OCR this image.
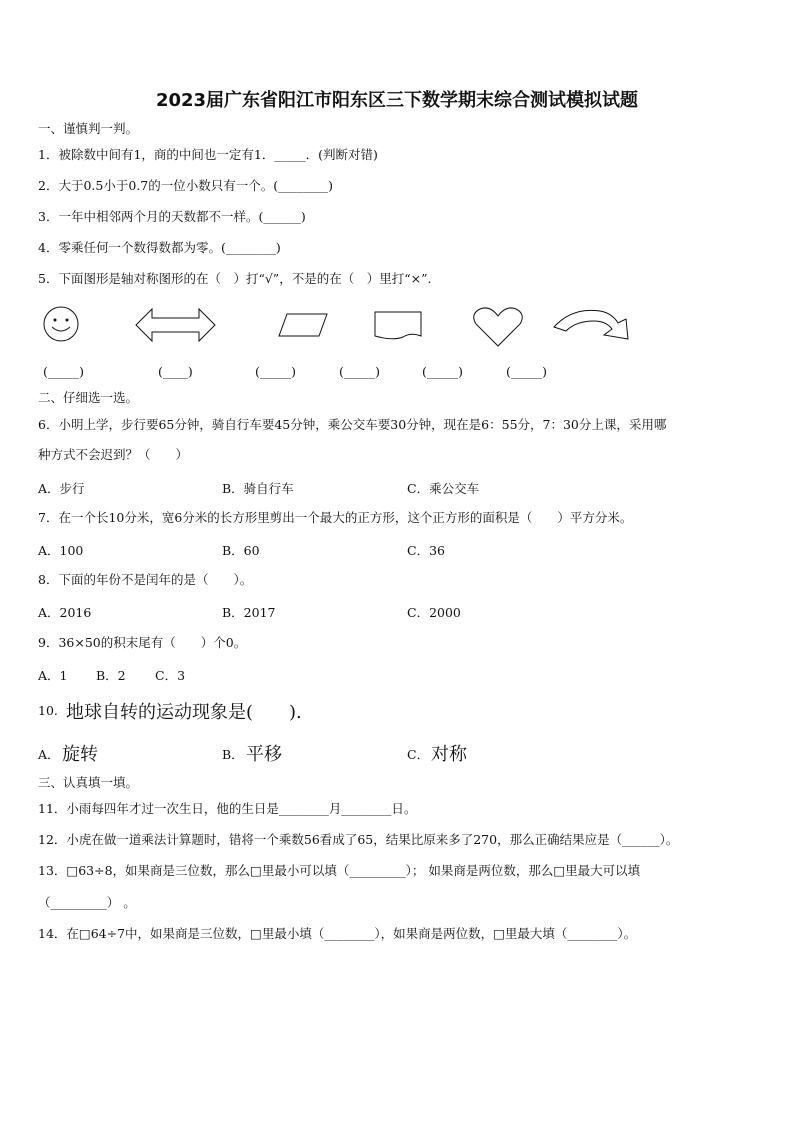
2023届广东省阳江市阳东区三下数学期末综合测试模拟试题
一、谨慎判一判。
1．被除数中间有1，商的中间也一定有1．_____．(判断对错)
2．大于0.5小于0.7的一位小数只有一个。(________)
3．一年中相邻两个月的天数都不一样。(______)
4．零乘任何一个数得数都为零。(________)
5．下面图形是轴对称图形的在（　）打“√”，不是的在（　）里打“×”.
(_____)	(____)	(_____)	(_____)	(_____)	(_____)
二、仔细选一选。
6．小明上学，步行要65分钟，骑自行车要45分钟，乘公交车要30分钟，现在是6：55分，7：30分上课，采用哪
种方式不会迟到？（　　）
A．步行	B．骑自行车	C．乘公交车
7．在一个长10分米，宽6分米的长方形里剪出一个最大的正方形，这个正方形的面积是（　　）平方分米。
A．100	B．60	C．36
8．下面的年份不是闰年的是（　　）。
A．2016	B．2017	C．2000
9．36×50的积末尾有（　　）个0。
A．1 B．2 C．3
10. 地球自转的运动现象是(　　).
A． 旋转	B． 平移	C． 对称
三、认真填一填。
11．小雨每四年才过一次生日，他的生日是________月________日。
12．小虎在做一道乘法计算题时，错将一个乘数56看成了65，结果比原来多了270，那么正确结果应是（______）。
13．□63÷8，如果商是三位数，那么□里最小可以填（_________）； 如果商是两位数，那么□里最大可以填
（_________） 。
14．在□64÷7中，如果商是三位数，□里最小填（________），如果商是两位数，□里最大填（________）。
